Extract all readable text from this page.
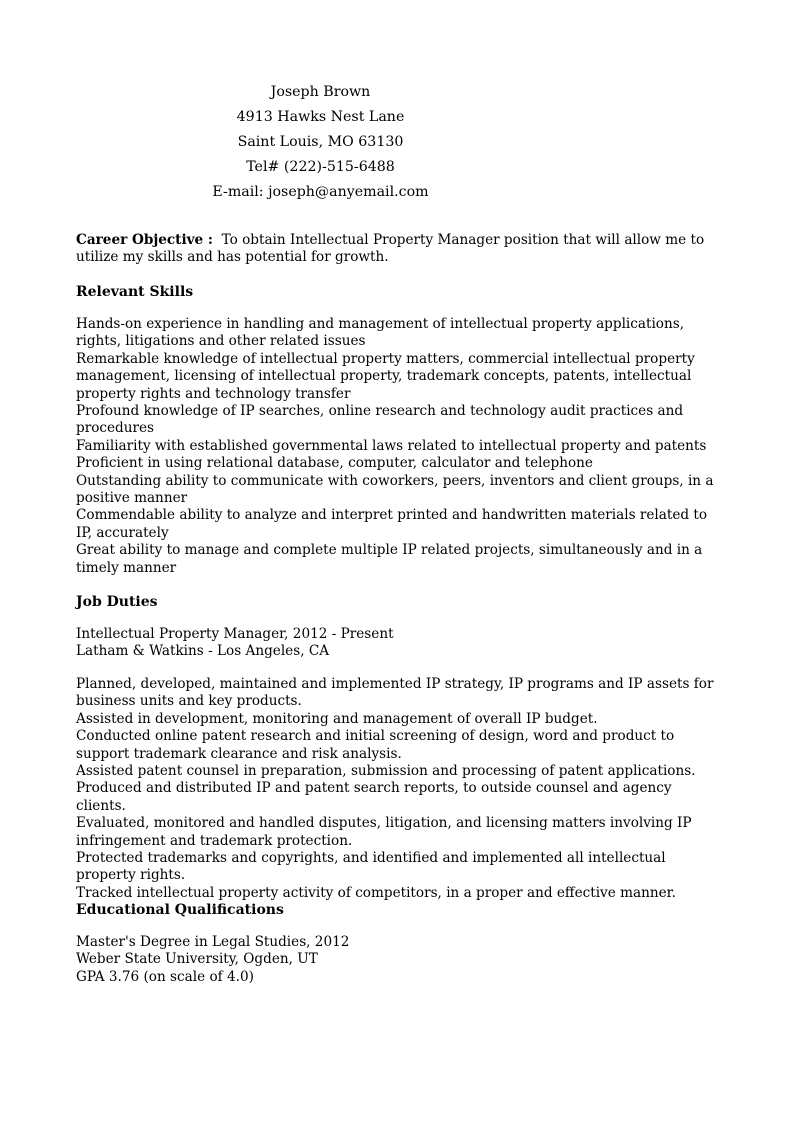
Joseph Brown
4913 Hawks Nest Lane
Saint Louis, MO 63130
Tel# (222)-515-6488
E-mail: joseph@anyemail.com
Career Objective : To obtain Intellectual Property Manager position that will allow me to utilize my skills and has potential for growth.
Relevant Skills
Hands-on experience in handling and management of intellectual property applications, rights, litigations and other related issues
Remarkable knowledge of intellectual property matters, commercial intellectual property management, licensing of intellectual property, trademark concepts, patents, intellectual property rights and technology transfer
Profound knowledge of IP searches, online research and technology audit practices and procedures
Familiarity with established governmental laws related to intellectual property and patents
Proficient in using relational database, computer, calculator and telephone
Outstanding ability to communicate with coworkers, peers, inventors and client groups, in a positive manner
Commendable ability to analyze and interpret printed and handwritten materials related to IP, accurately
Great ability to manage and complete multiple IP related projects, simultaneously and in a timely manner
Job Duties
Intellectual Property Manager, 2012 - Present
Latham & Watkins - Los Angeles, CA
Planned, developed, maintained and implemented IP strategy, IP programs and IP assets for business units and key products.
Assisted in development, monitoring and management of overall IP budget.
Conducted online patent research and initial screening of design, word and product to support trademark clearance and risk analysis.
Assisted patent counsel in preparation, submission and processing of patent applications.
Produced and distributed IP and patent search reports, to outside counsel and agency clients.
Evaluated, monitored and handled disputes, litigation, and licensing matters involving IP infringement and trademark protection.
Protected trademarks and copyrights, and identified and implemented all intellectual property rights.
Tracked intellectual property activity of competitors, in a proper and effective manner.
Educational Qualifications
Master's Degree in Legal Studies, 2012
Weber State University, Ogden, UT
GPA 3.76 (on scale of 4.0)
